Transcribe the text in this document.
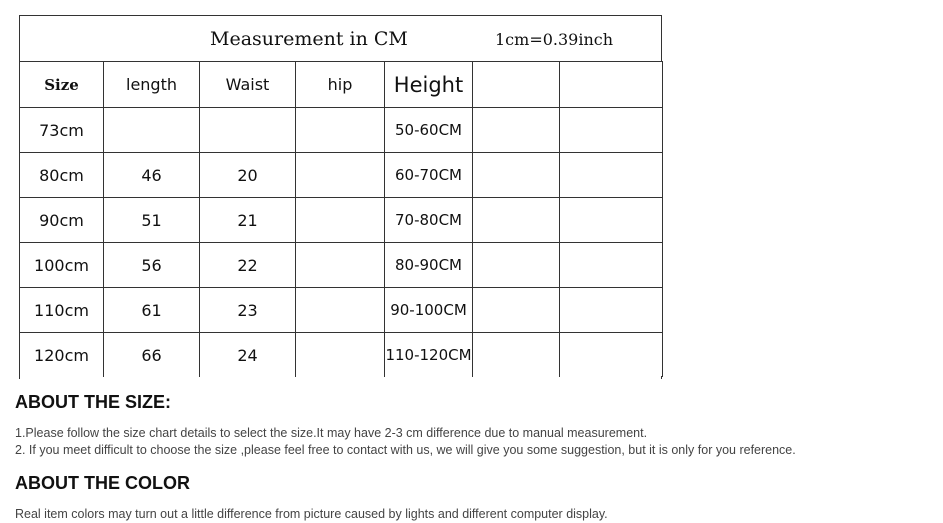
Measurement in CM	1cm=0.39inch
Size	length	Waist	hip	Height		
73cm				50-60CM		
80cm	46	20		60-70CM		
90cm	51	21		70-80CM		
100cm	56	22		80-90CM		
110cm	61	23		90-100CM		
120cm	66	24		110-120CM		
ABOUT THE SIZE:

1.Please follow the size chart details to select the size.It may have 2-3 cm difference due to manual measurement.

2. If you meet difficult to choose the size ,please feel free to contact with us, we will give you some suggestion, but it is only for you reference.

ABOUT THE COLOR

Real item colors may turn out a little difference from picture caused by lights and different computer display.
